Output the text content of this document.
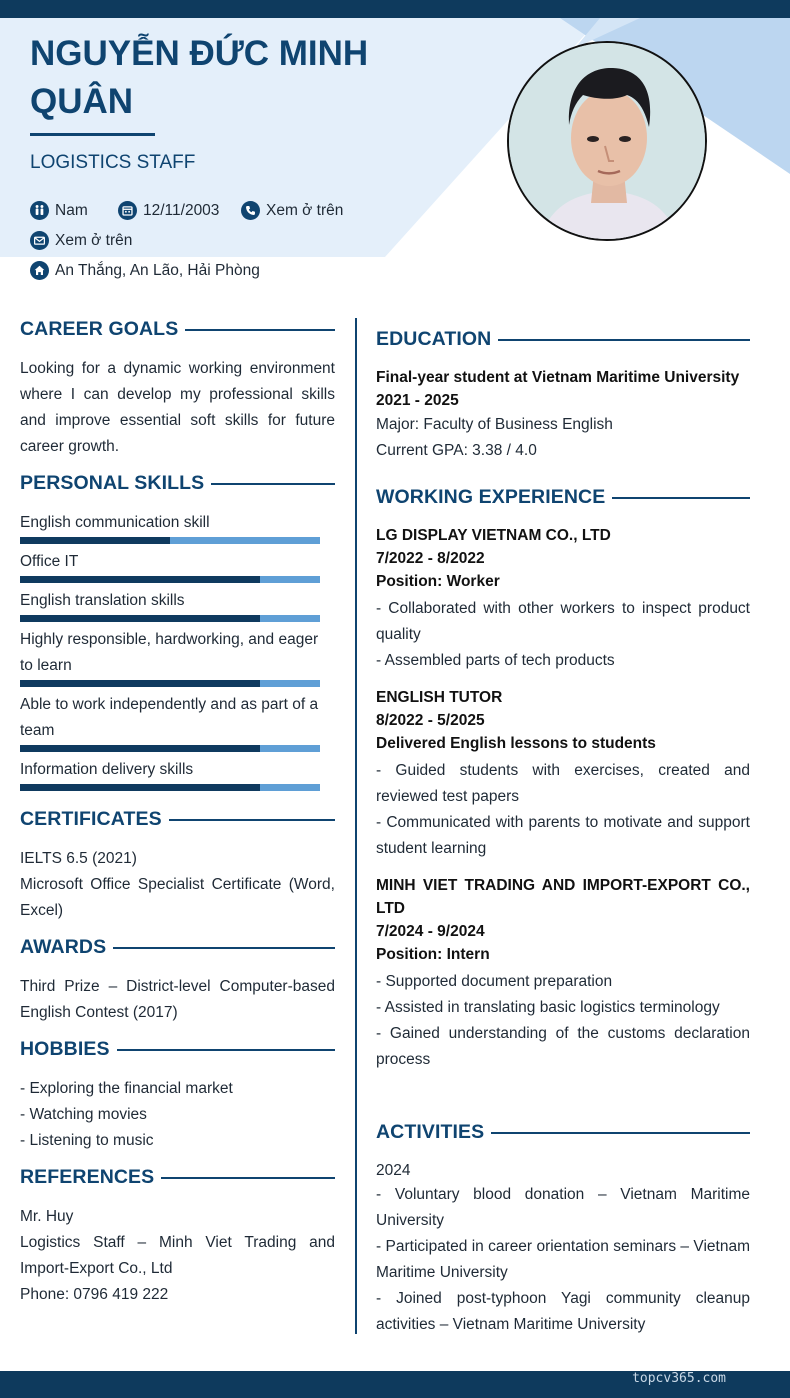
NGUYỄN ĐỨC MINH QUÂN
LOGISTICS STAFF
Nam	12/11/2003	Xem ở trên
Xem ở trên
An Thắng, An Lão, Hải Phòng
CAREER GOALS
Looking for a dynamic working environment where I can develop my professional skills and improve essential soft skills for future career growth.
PERSONAL SKILLS
English communication skill
Office IT
English translation skills
Highly responsible, hardworking, and eager to learn
Able to work independently and as part of a team
Information delivery skills
CERTIFICATES
IELTS 6.5 (2021)
Microsoft Office Specialist Certificate (Word, Excel)
AWARDS
Third Prize – District-level Computer-based English Contest (2017)
HOBBIES
- Exploring the financial market
- Watching movies
- Listening to music
REFERENCES
Mr. Huy
Logistics Staff – Minh Viet Trading and Import-Export Co., Ltd
Phone: 0796 419 222
EDUCATION
Final-year student at Vietnam Maritime University
2021 - 2025
Major: Faculty of Business English
Current GPA: 3.38 / 4.0
WORKING EXPERIENCE
LG DISPLAY VIETNAM CO., LTD
7/2022 - 8/2022
Position: Worker
- Collaborated with other workers to inspect product quality
- Assembled parts of tech products
ENGLISH TUTOR
8/2022 - 5/2025
Delivered English lessons to students
- Guided students with exercises, created and reviewed test papers
- Communicated with parents to motivate and support student learning
MINH VIET TRADING AND IMPORT-EXPORT CO., LTD
7/2024 - 9/2024
Position: Intern
- Supported document preparation
- Assisted in translating basic logistics terminology
- Gained understanding of the customs declaration process
ACTIVITIES
2024
- Voluntary blood donation – Vietnam Maritime University
- Participated in career orientation seminars – Vietnam Maritime University
- Joined post-typhoon Yagi community cleanup activities – Vietnam Maritime University
topcv365.com
